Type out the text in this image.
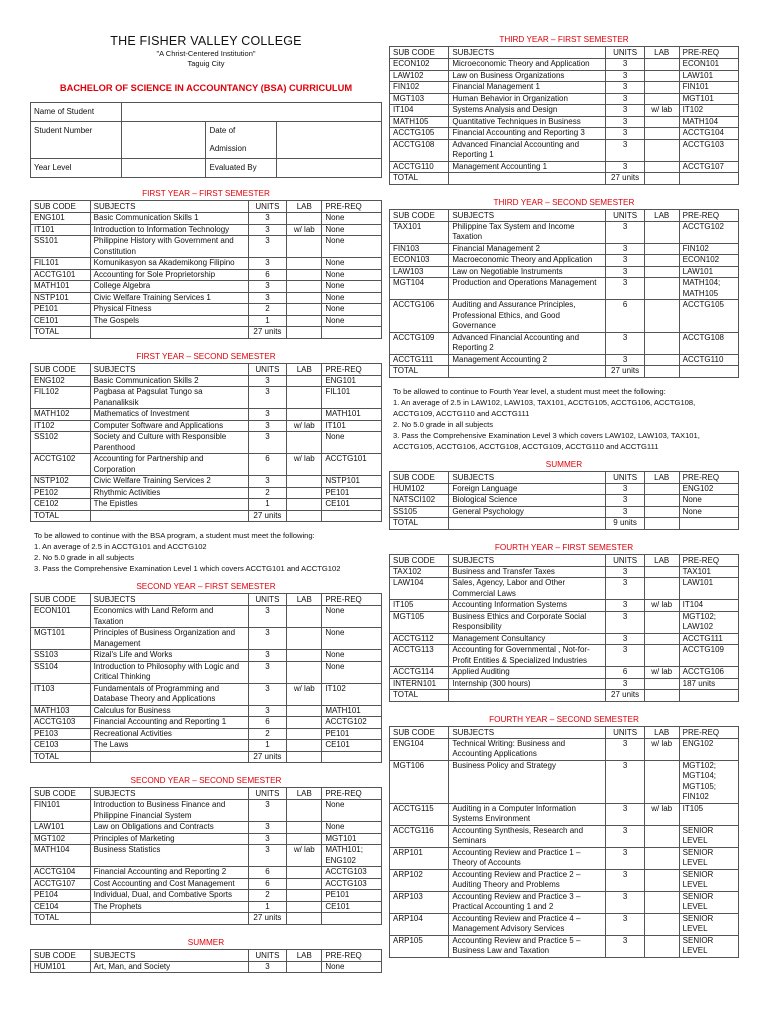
THE FISHER VALLEY COLLEGE
"A Christ-Centered Institution"
Taguig City
BACHELOR OF SCIENCE IN ACCOUNTANCY (BSA) CURRICULUM
Name of Student			
Student Number		Date of Admission	
Year Level		Evaluated By	
FIRST YEAR – FIRST SEMESTER
SUB CODE	SUBJECTS	UNITS	LAB	PRE-REQ
ENG101	Basic Communication Skills 1	3		None
IT101	Introduction to Information Technology	3	w/ lab	None
SS101	Philippine History with Government and Constitution	3		None
FIL101	Komunikasyon sa Akademikong Filipino	3		None
ACCTG101	Accounting for Sole Proprietorship	6		None
MATH101	College Algebra	3		None
NSTP101	Civic Welfare Training Services 1	3		None
PE101	Physical Fitness	2		None
CE101	The Gospels	1		None
TOTAL		27 units		
FIRST YEAR – SECOND SEMESTER
SUB CODE	SUBJECTS	UNITS	LAB	PRE-REQ
ENG102	Basic Communication Skills 2	3		ENG101
FIL102	Pagbasa at Pagsulat Tungo sa Pananaliksik	3		FIL101
MATH102	Mathematics of Investment	3		MATH101
IT102	Computer Software and Applications	3	w/ lab	IT101
SS102	Society and Culture with Responsible Parenthood	3		None
ACCTG102	Accounting for Partnership and Corporation	6	w/ lab	ACCTG101
NSTP102	Civic Welfare Training Services 2	3		NSTP101
PE102	Rhythmic Activities	2		PE101
CE102	The Epistles	1		CE101
TOTAL		27 units		

To be allowed to continue with the BSA program, a student must meet the following:

1. An average of 2.5 in ACCTG101 and ACCTG102

2. No 5.0 grade in all subjects

3. Pass the Comprehensive Examination Level 1 which covers ACCTG101 and ACCTG102

SECOND YEAR – FIRST SEMESTER
SUB CODE	SUBJECTS	UNITS	LAB	PRE-REQ
ECON101	Economics with Land Reform and Taxation	3		None
MGT101	Principles of Business Organization and Management	3		None
SS103	Rizal's Life and Works	3		None
SS104	Introduction to Philosophy with Logic and Critical Thinking	3		None
IT103	Fundamentals of Programming and Database Theory and Applications	3	w/ lab	IT102
MATH103	Calculus for Business	3		MATH101
ACCTG103	Financial Accounting and Reporting 1	6		ACCTG102
PE103	Recreational Activities	2		PE101
CE103	The Laws	1		CE101
TOTAL		27 units		
SECOND YEAR – SECOND SEMESTER
SUB CODE	SUBJECTS	UNITS	LAB	PRE-REQ
FIN101	Introduction to Business Finance and Philippine Financial System	3		None
LAW101	Law on Obligations and Contracts	3		None
MGT102	Principles of Marketing	3		MGT101
MATH104	Business Statistics	3	w/ lab	MATH101; ENG102
ACCTG104	Financial Accounting and Reporting 2	6		ACCTG103
ACCTG107	Cost Accounting and Cost Management	6		ACCTG103
PE104	Individual, Dual, and Combative Sports	2		PE101
CE104	The Prophets	1		CE101
TOTAL		27 units		
SUMMER
SUB CODE	SUBJECTS	UNITS	LAB	PRE-REQ
HUM101	Art, Man, and Society	3		None
THIRD YEAR – FIRST SEMESTER
SUB CODE	SUBJECTS	UNITS	LAB	PRE-REQ
ECON102	Microeconomic Theory and Application	3		ECON101
LAW102	Law on Business Organizations	3		LAW101
FIN102	Financial Management 1	3		FIN101
MGT103	Human Behavior in Organization	3		MGT101
IT104	Systems Analysis and Design	3	w/ lab	IT102
MATH105	Quantitative Techniques in Business	3		MATH104
ACCTG105	Financial Accounting and Reporting 3	3		ACCTG104
ACCTG108	Advanced Financial Accounting and Reporting 1	3		ACCTG103
ACCTG110	Management Accounting 1	3		ACCTG107
TOTAL		27 units		
THIRD YEAR – SECOND SEMESTER
SUB CODE	SUBJECTS	UNITS	LAB	PRE-REQ
TAX101	Philippine Tax System and Income Taxation	3		ACCTG102
FIN103	Financial Management 2	3		FIN102
ECON103	Macroeconomic Theory and Application	3		ECON102
LAW103	Law on Negotiable Instruments	3		LAW101
MGT104	Production and Operations Management	3		MATH104; MATH105
ACCTG106	Auditing and Assurance Principles, Professional Ethics, and Good Governance	6		ACCTG105
ACCTG109	Advanced Financial Accounting and Reporting 2	3		ACCTG108
ACCTG111	Management Accounting 2	3		ACCTG110
TOTAL		27 units		

To be allowed to continue to Fourth Year level, a student must meet the following:

1. An average of 2.5 in LAW102, LAW103, TAX101, ACCTG105, ACCTG106, ACCTG108, ACCTG109, ACCTG110 and ACCTG111

2. No 5.0 grade in all subjects

3. Pass the Comprehensive Examination Level 3 which covers LAW102, LAW103, TAX101, ACCTG105, ACCTG106, ACCTG108, ACCTG109, ACCTG110 and ACCTG111

SUMMER
SUB CODE	SUBJECTS	UNITS	LAB	PRE-REQ
HUM102	Foreign Language	3		ENG102
NATSCI102	Biological Science	3		None
SS105	General Psychology	3		None
TOTAL		9 units		
FOURTH YEAR – FIRST SEMESTER
SUB CODE	SUBJECTS	UNITS	LAB	PRE-REQ
TAX102	Business and Transfer Taxes	3		TAX101
LAW104	Sales, Agency, Labor and Other Commercial Laws	3		LAW101
IT105	Accounting Information Systems	3	w/ lab	IT104
MGT105	Business Ethics and Corporate Social Responsibility	3		MGT102; LAW102
ACCTG112	Management Consultancy	3		ACCTG111
ACCTG113	Accounting for Governmental , Not-for-Profit Entities & Specialized Industries	3		ACCTG109
ACCTG114	Applied Auditing	6	w/ lab	ACCTG106
INTERN101	Internship (300 hours)	3		187 units
TOTAL		27 units		
FOURTH YEAR – SECOND SEMESTER
SUB CODE	SUBJECTS	UNITS	LAB	PRE-REQ
ENG104	Technical Writing: Business and Accounting Applications	3	w/ lab	ENG102
MGT106	Business Policy and Strategy	3		MGT102; MGT104; MGT105; FIN102
ACCTG115	Auditing in a Computer Information Systems Environment	3	w/ lab	IT105
ACCTG116	Accounting Synthesis, Research and Seminars	3		SENIOR LEVEL
ARP101	Accounting Review and Practice 1 – Theory of Accounts	3		SENIOR LEVEL
ARP102	Accounting Review and Practice 2 – Auditing Theory and Problems	3		SENIOR LEVEL
ARP103	Accounting Review and Practice 3 – Practical Accounting 1 and 2	3		SENIOR LEVEL
ARP104	Accounting Review and Practice 4 – Management Advisory Services	3		SENIOR LEVEL
ARP105	Accounting Review and Practice 5 – Business Law and Taxation	3		SENIOR LEVEL
